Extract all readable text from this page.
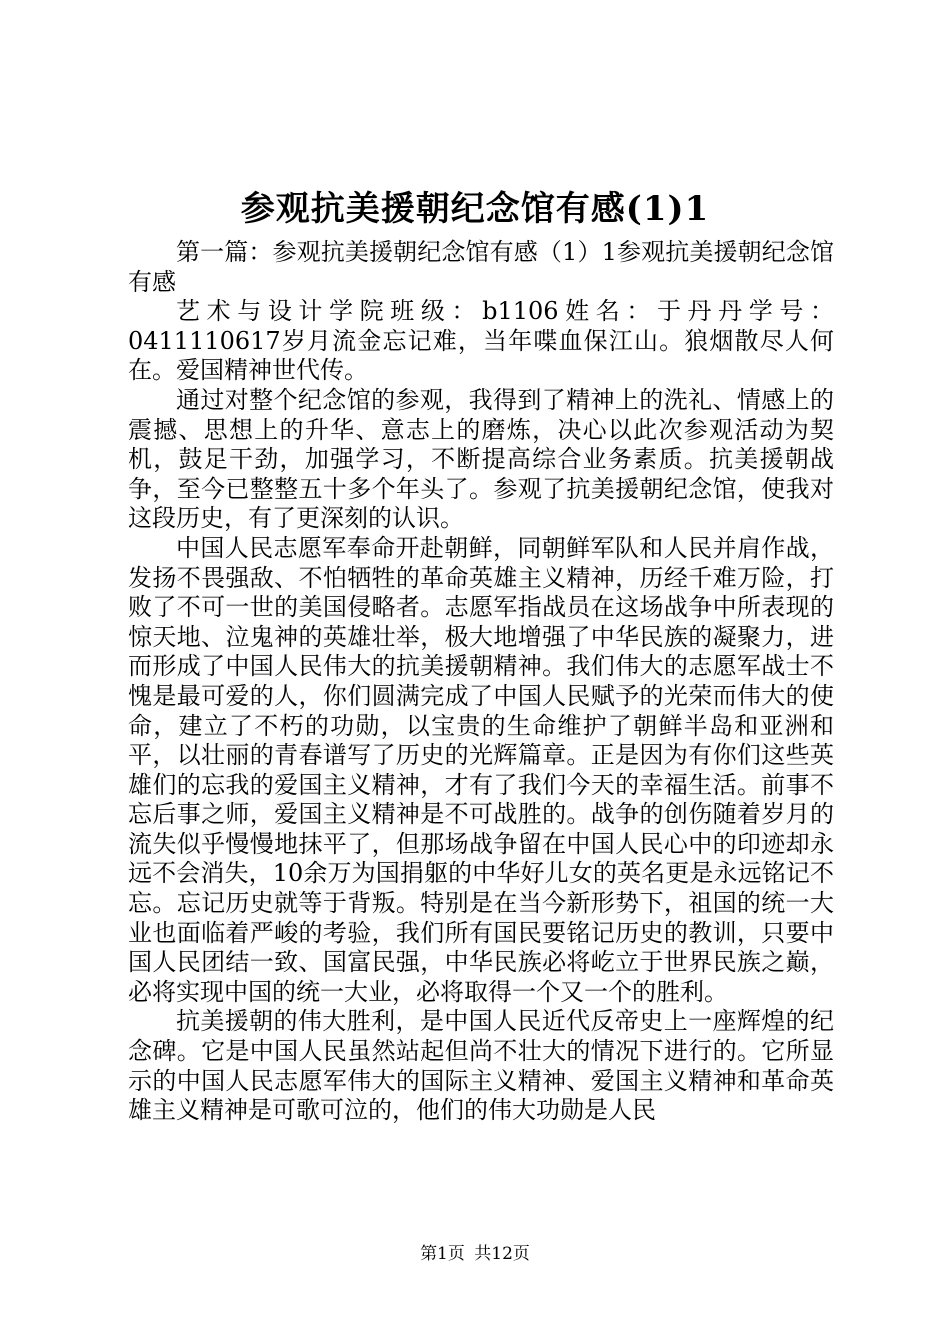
参观抗美援朝纪念馆有感(1)1

第一篇：参观抗美援朝纪念馆有感（1）1参观抗美援朝纪念馆有感

艺术与设计学院班级：b1106姓名：于丹丹学号：0411110617岁月流金忘记难，当年喋血保江山。狼烟散尽人何在。爱国精神世代传。

通过对整个纪念馆的参观，我得到了精神上的洗礼、情感上的震撼、思想上的升华、意志上的磨炼，决心以此次参观活动为契机，鼓足干劲，加强学习，不断提高综合业务素质。抗美援朝战争，至今已整整五十多个年头了。参观了抗美援朝纪念馆，使我对这段历史，有了更深刻的认识。

中国人民志愿军奉命开赴朝鲜，同朝鲜军队和人民并肩作战，发扬不畏强敌、不怕牺牲的革命英雄主义精神，历经千难万险，打败了不可一世的美国侵略者。志愿军指战员在这场战争中所表现的惊天地、泣鬼神的英雄壮举，极大地增强了中华民族的凝聚力，进而形成了中国人民伟大的抗美援朝精神。我们伟大的志愿军战士不愧是最可爱的人，你们圆满完成了中国人民赋予的光荣而伟大的使命，建立了不朽的功勋，以宝贵的生命维护了朝鲜半岛和亚洲和平，以壮丽的青春谱写了历史的光辉篇章。正是因为有你们这些英雄们的忘我的爱国主义精神，才有了我们今天的幸福生活。前事不忘后事之师，爱国主义精神是不可战胜的。战争的创伤随着岁月的流失似乎慢慢地抹平了，但那场战争留在中国人民心中的印迹却永远不会消失，10余万为国捐躯的中华好儿女的英名更是永远铭记不忘。忘记历史就等于背叛。特别是在当今新形势下，祖国的统一大业也面临着严峻的考验，我们所有国民要铭记历史的教训，只要中国人民团结一致、国富民强，中华民族必将屹立于世界民族之巅，必将实现中国的统一大业，必将取得一个又一个的胜利。

抗美援朝的伟大胜利，是中国人民近代反帝史上一座辉煌的纪念碑。它是中国人民虽然站起但尚不壮大的情况下进行的。它所显示的中国人民志愿军伟大的国际主义精神、爱国主义精神和革命英雄主义精神是可歌可泣的，他们的伟大功勋是人民

第1页 共12页
